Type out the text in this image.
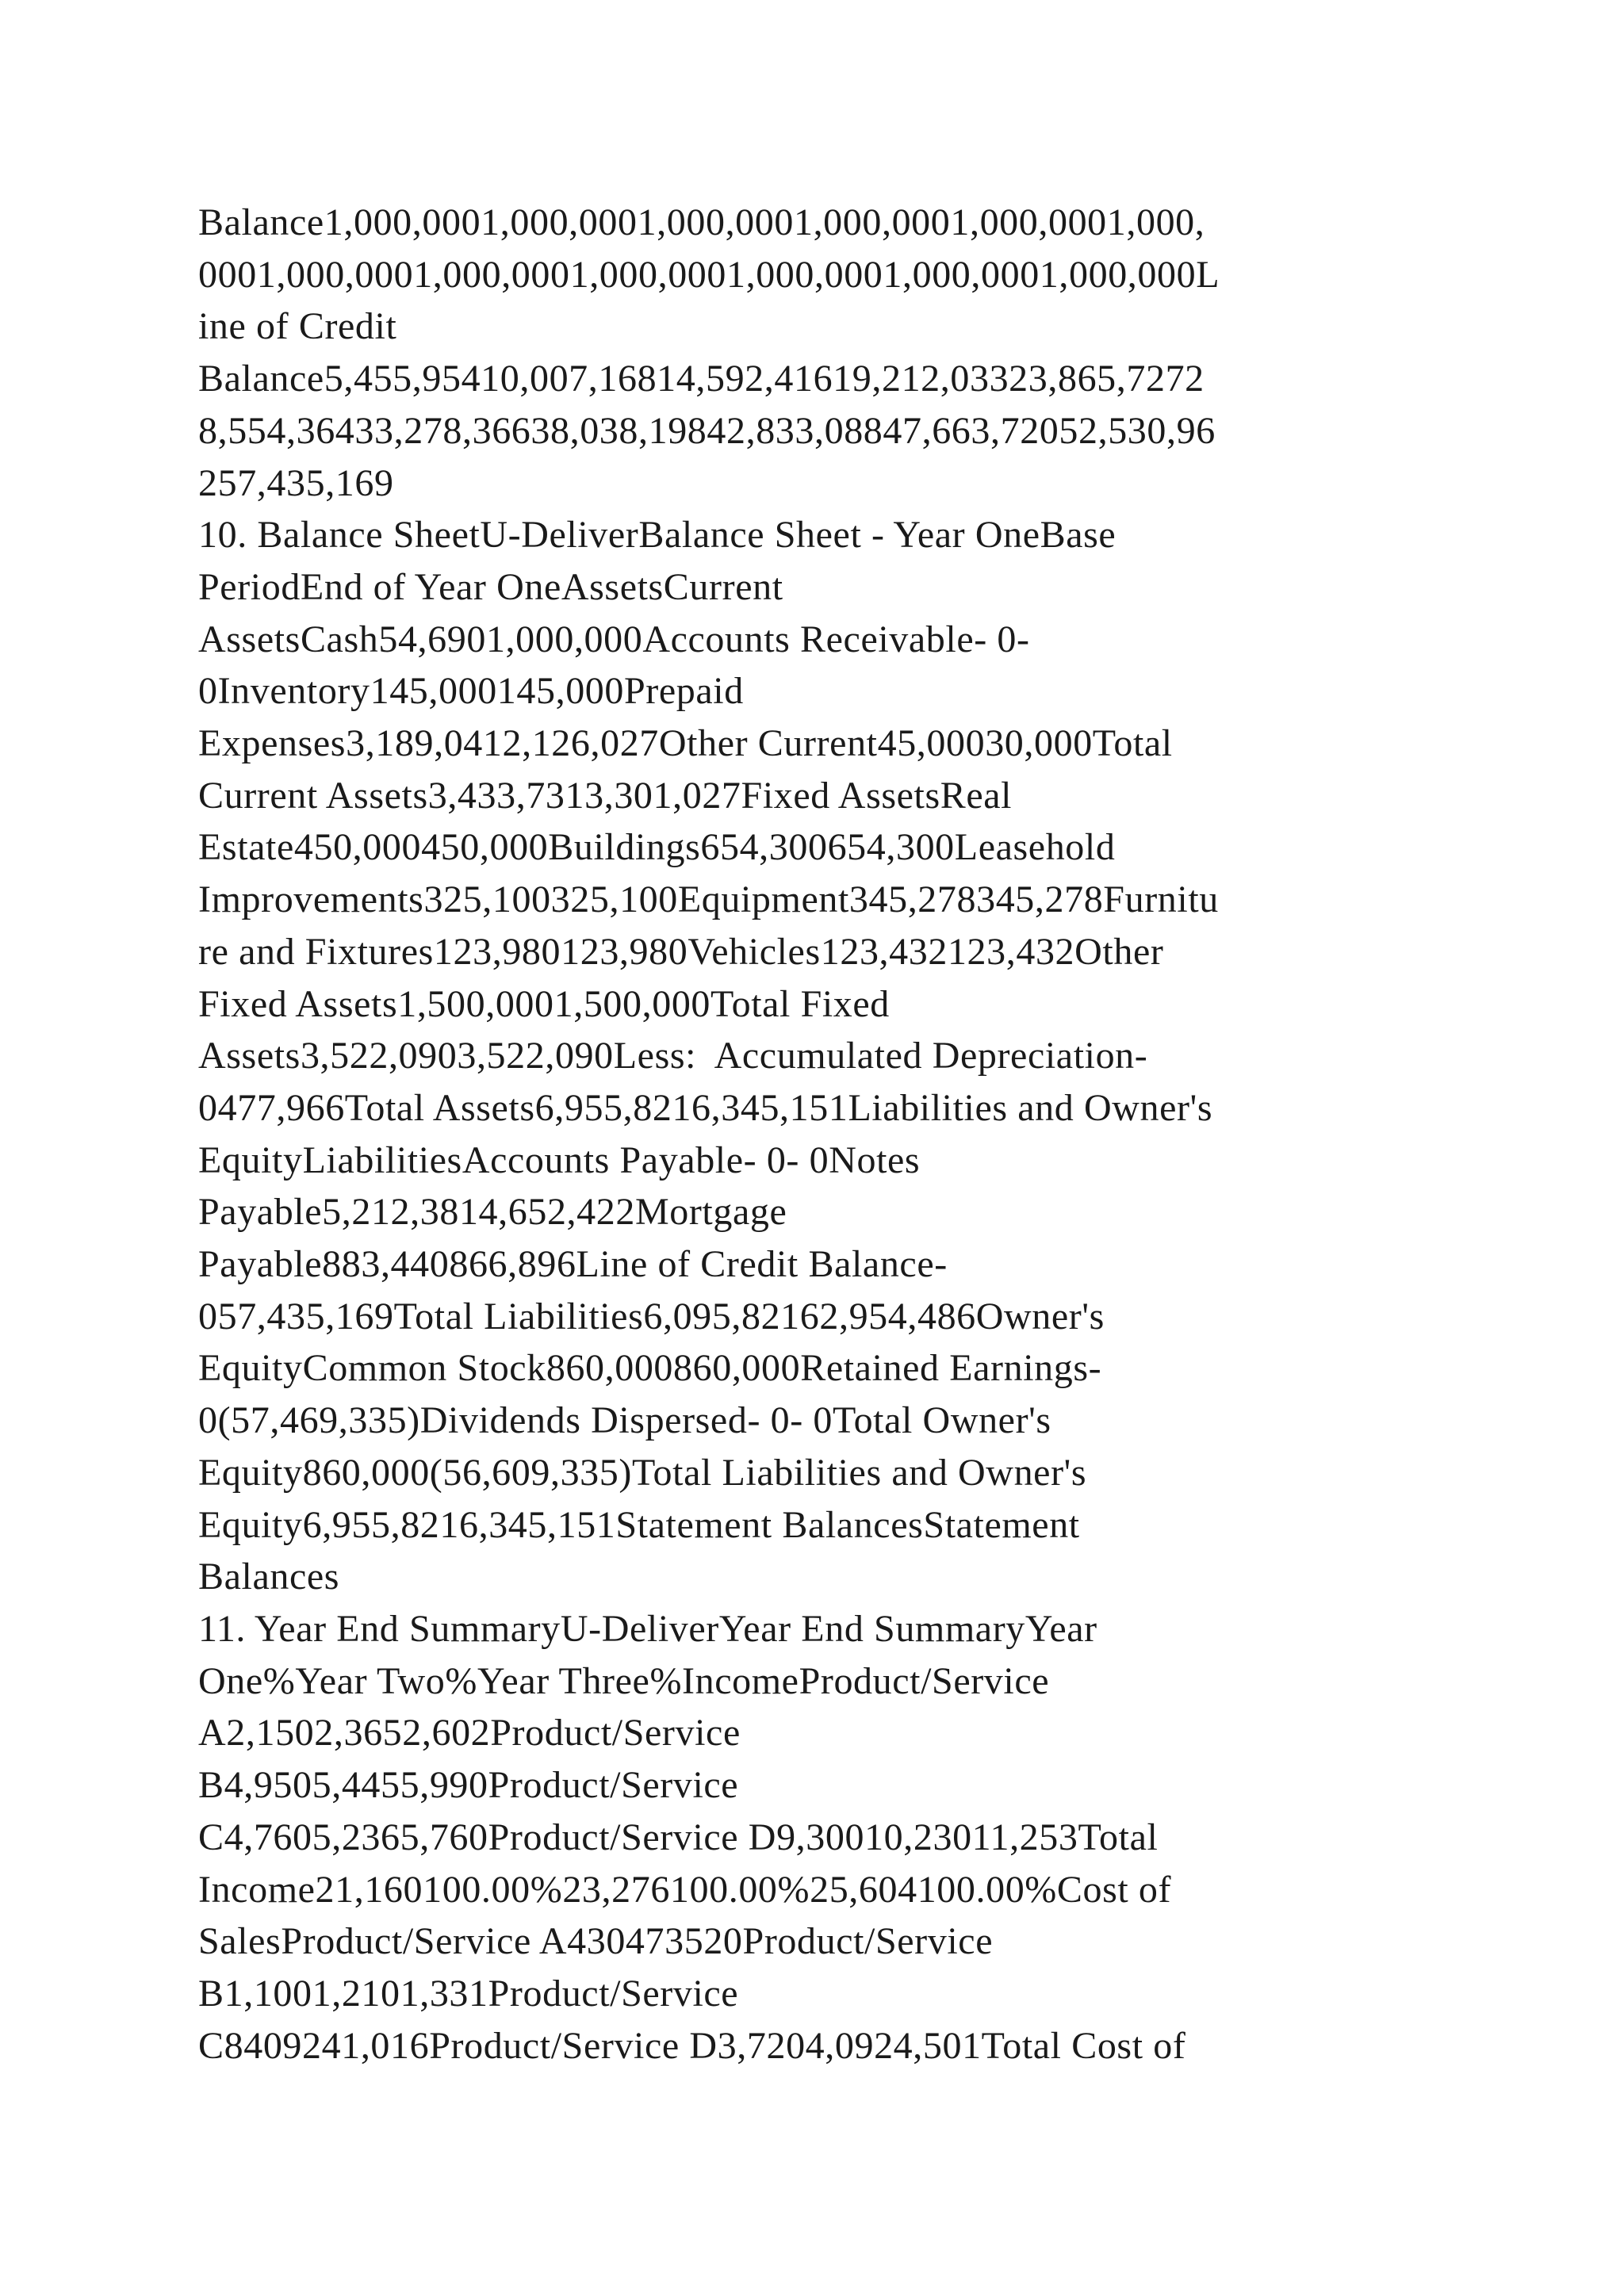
Balance1,000,0001,000,0001,000,0001,000,0001,000,0001,000,
0001,000,0001,000,0001,000,0001,000,0001,000,0001,000,000L
ine of Credit
Balance5,455,95410,007,16814,592,41619,212,03323,865,7272
8,554,36433,278,36638,038,19842,833,08847,663,72052,530,96
257,435,169
10. Balance SheetU-DeliverBalance Sheet - Year OneBase
PeriodEnd of Year OneAssetsCurrent
AssetsCash54,6901,000,000Accounts Receivable- 0-
0Inventory145,000145,000Prepaid
Expenses3,189,0412,126,027Other Current45,00030,000Total
Current Assets3,433,7313,301,027Fixed AssetsReal
Estate450,000450,000Buildings654,300654,300Leasehold
Improvements325,100325,100Equipment345,278345,278Furnitu
re and Fixtures123,980123,980Vehicles123,432123,432Other
Fixed Assets1,500,0001,500,000Total Fixed
Assets3,522,0903,522,090Less:  Accumulated Depreciation-
0477,966Total Assets6,955,8216,345,151Liabilities and Owner's
EquityLiabilitiesAccounts Payable- 0- 0Notes
Payable5,212,3814,652,422Mortgage
Payable883,440866,896Line of Credit Balance-
057,435,169Total Liabilities6,095,82162,954,486Owner's
EquityCommon Stock860,000860,000Retained Earnings-
0(57,469,335)Dividends Dispersed- 0- 0Total Owner's
Equity860,000(56,609,335)Total Liabilities and Owner's
Equity6,955,8216,345,151Statement BalancesStatement
Balances
11. Year End SummaryU-DeliverYear End SummaryYear
One%Year Two%Year Three%IncomeProduct/Service
A2,1502,3652,602Product/Service
B4,9505,4455,990Product/Service
C4,7605,2365,760Product/Service D9,30010,23011,253Total
Income21,160100.00%23,276100.00%25,604100.00%Cost of
SalesProduct/Service A430473520Product/Service
B1,1001,2101,331Product/Service
C8409241,016Product/Service D3,7204,0924,501Total Cost of
